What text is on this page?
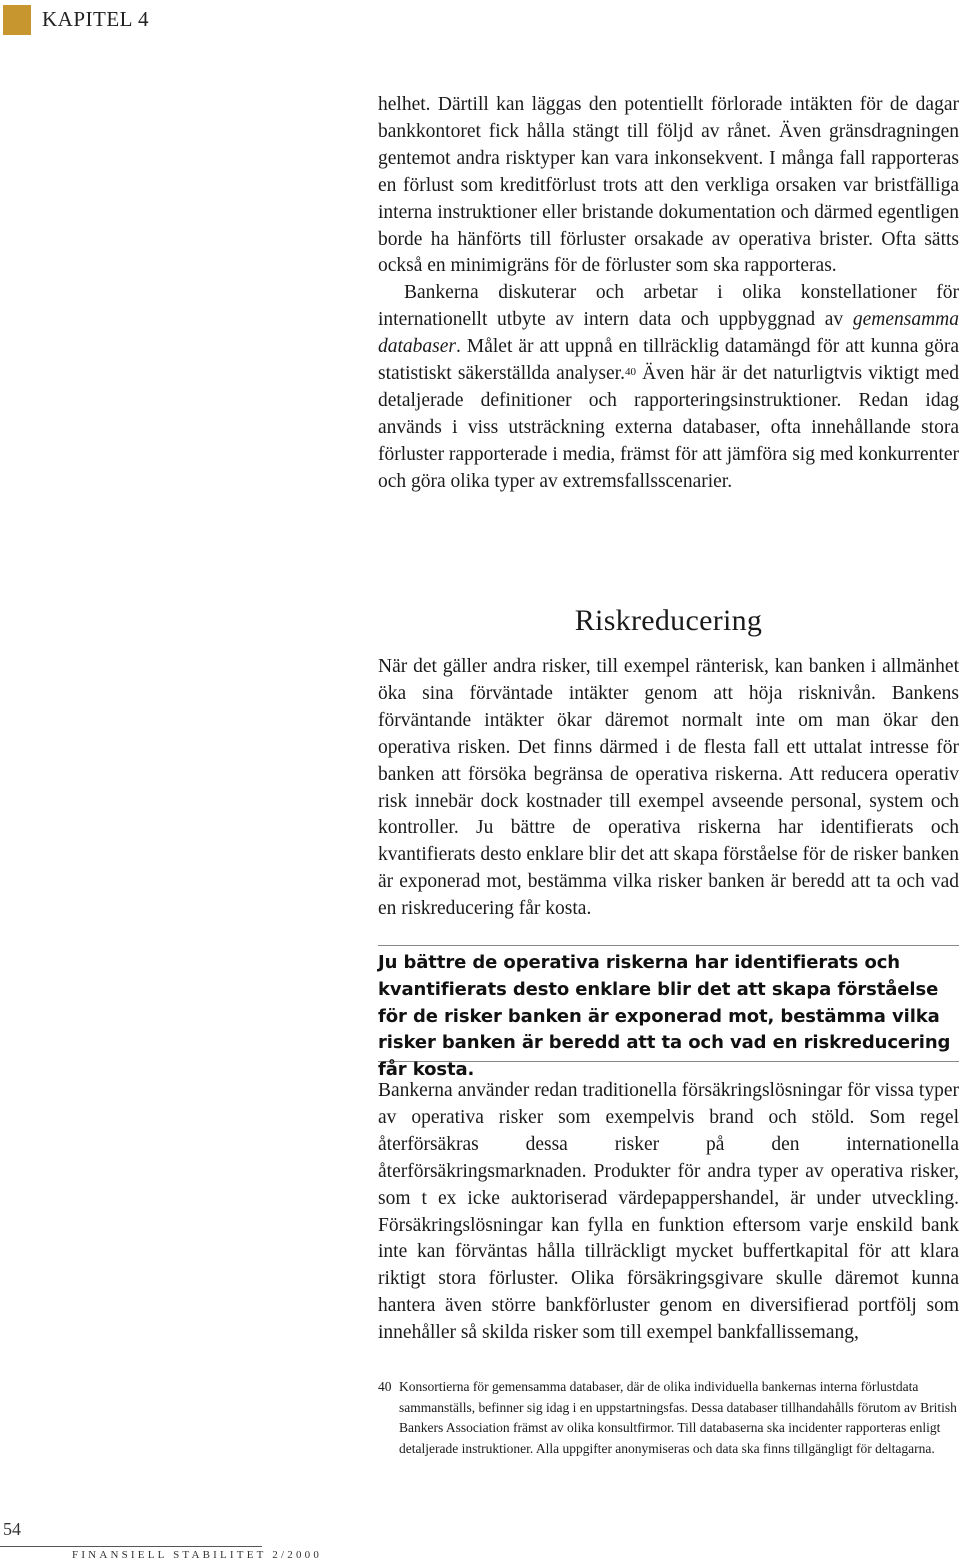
KAPITEL 4

helhet. Därtill kan läggas den potentiellt förlorade intäkten för de dagar bankkontoret fick hålla stängt till följd av rånet. Även gränsdragningen gentemot andra risktyper kan vara inkonsekvent. I många fall rapporteras en förlust som kreditförlust trots att den verkliga orsaken var bristfälliga interna instruktioner eller bristande dokumentation och därmed egentligen borde ha hänförts till förluster orsakade av operativa brister. Ofta sätts också en minimigräns för de förluster som ska rapporteras.

Bankerna diskuterar och arbetar i olika konstellationer för internationellt utbyte av intern data och uppbyggnad av gemensamma databaser. Målet är att uppnå en tillräcklig datamängd för att kunna göra statistiskt säkerställda analyser.$^{40}$ Även här är det naturligtvis viktigt med detaljerade definitioner och rapporteringsinstruktioner. Redan idag används i viss utsträckning externa databaser, ofta innehållande stora förluster rapporterade i media, främst för att jämföra sig med konkurrenter och göra olika typer av extremsfallsscenarier.

Riskreducering

När det gäller andra risker, till exempel ränterisk, kan banken i allmänhet öka sina förväntade intäkter genom att höja risknivån. Bankens förväntande intäkter ökar däremot normalt inte om man ökar den operativa risken. Det finns därmed i de flesta fall ett uttalat intresse för banken att försöka begränsa de operativa riskerna. Att reducera operativ risk innebär dock kostnader till exempel avseende personal, system och kontroller. Ju bättre de operativa riskerna har identifierats och kvantifierats desto enklare blir det att skapa förståelse för de risker banken är exponerad mot, bestämma vilka risker banken är beredd att ta och vad en riskreducering får kosta.

Ju bättre de operativa riskerna har identifierats och kvantifierats desto enklare blir det att skapa förståelse för de risker banken är exponerad mot, bestämma vilka risker banken är beredd att ta och vad en riskreducering får kosta.

Bankerna använder redan traditionella försäkringslösningar för vissa typer av operativa risker som exempelvis brand och stöld. Som regel återförsäkras dessa risker på den internationella återförsäkringsmarknaden. Produkter för andra typer av operativa risker, som t ex icke auktoriserad värdepappershandel, är under utveckling. Försäkringslösningar kan fylla en funktion eftersom varje enskild bank inte kan förväntas hålla tillräckligt mycket buffertkapital för att klara riktigt stora förluster. Olika försäkringsgivare skulle däremot kunna hantera även större bankförluster genom en diversifierad portfölj som innehåller så skilda risker som till exempel bankfallissemang,

40 Konsortierna för gemensamma databaser, där de olika individuella bankernas interna förlustdata sammanställs, befinner sig idag i en uppstartningsfas. Dessa databaser tillhandahålls förutom av British Bankers Association främst av olika konsultfirmor. Till databaserna ska incidenter rapporteras enligt detaljerade instruktioner. Alla uppgifter anonymiseras och data ska finns tillgängligt för deltagarna.
54
FINANSIELL STABILITET 2/2000
